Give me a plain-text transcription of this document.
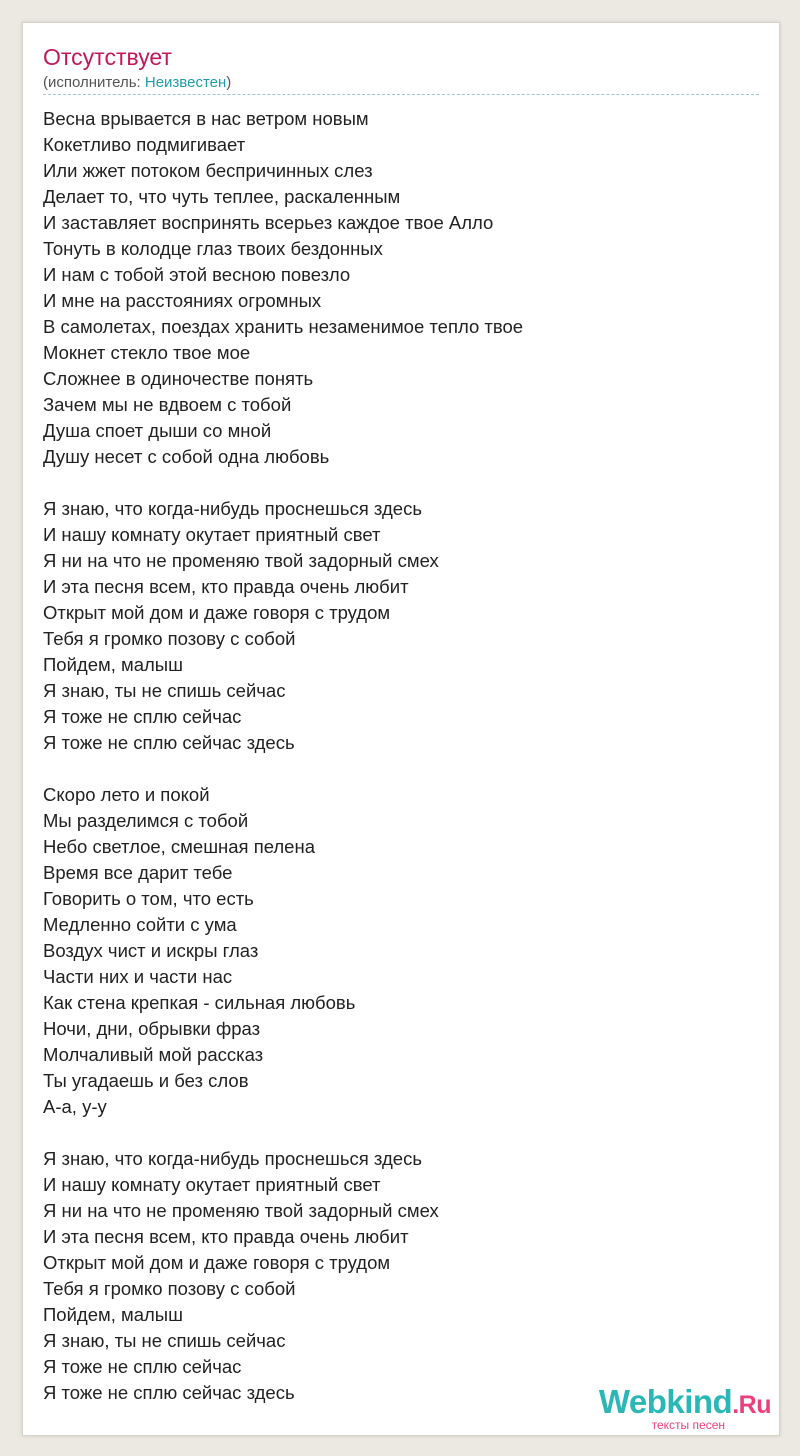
Отсутствует
(исполнитель: Неизвестен)
Весна врывается в нас ветром новым
Кокетливо подмигивает
Или жжет потоком беспричинных слез
Делает то, что чуть теплее, раскаленным
И заставляет воспринять всерьез каждое твое Алло
Тонуть в колодце глаз твоих бездонных
И нам с тобой этой весною повезло
И мне на расстояниях огромных
В самолетах, поездах хранить незаменимое тепло твое
Мокнет стекло твое мое
Сложнее в одиночестве понять
Зачем мы не вдвоем с тобой
Душа споет дыши со мной
Душу несет с собой одна любовь
Я знаю, что когда-нибудь проснешься здесь
И нашу комнату окутает приятный свет
Я ни на что не променяю твой задорный смех
И эта песня всем, кто правда очень любит
Открыт мой дом и даже говоря с трудом
Тебя я громко позову с собой
Пойдем, малыш
Я знаю, ты не спишь сейчас
Я тоже не сплю сейчас
Я тоже не сплю сейчас здесь
Скоро лето и покой
Мы разделимся с тобой
Небо светлое, смешная пелена
Время все дарит тебе
Говорить о том, что есть
Медленно сойти с ума
Воздух чист и искры глаз
Части них и части нас
Как стена крепкая - сильная любовь
Ночи, дни, обрывки фраз
Молчаливый мой рассказ
Ты угадаешь и без слов
А-а, у-у
Я знаю, что когда-нибудь проснешься здесь
И нашу комнату окутает приятный свет
Я ни на что не променяю твой задорный смех
И эта песня всем, кто правда очень любит
Открыт мой дом и даже говоря с трудом
Тебя я громко позову с собой
Пойдем, малыш
Я знаю, ты не спишь сейчас
Я тоже не сплю сейчас
Я тоже не сплю сейчас здесь	Webkind.Ru
тексты песен
